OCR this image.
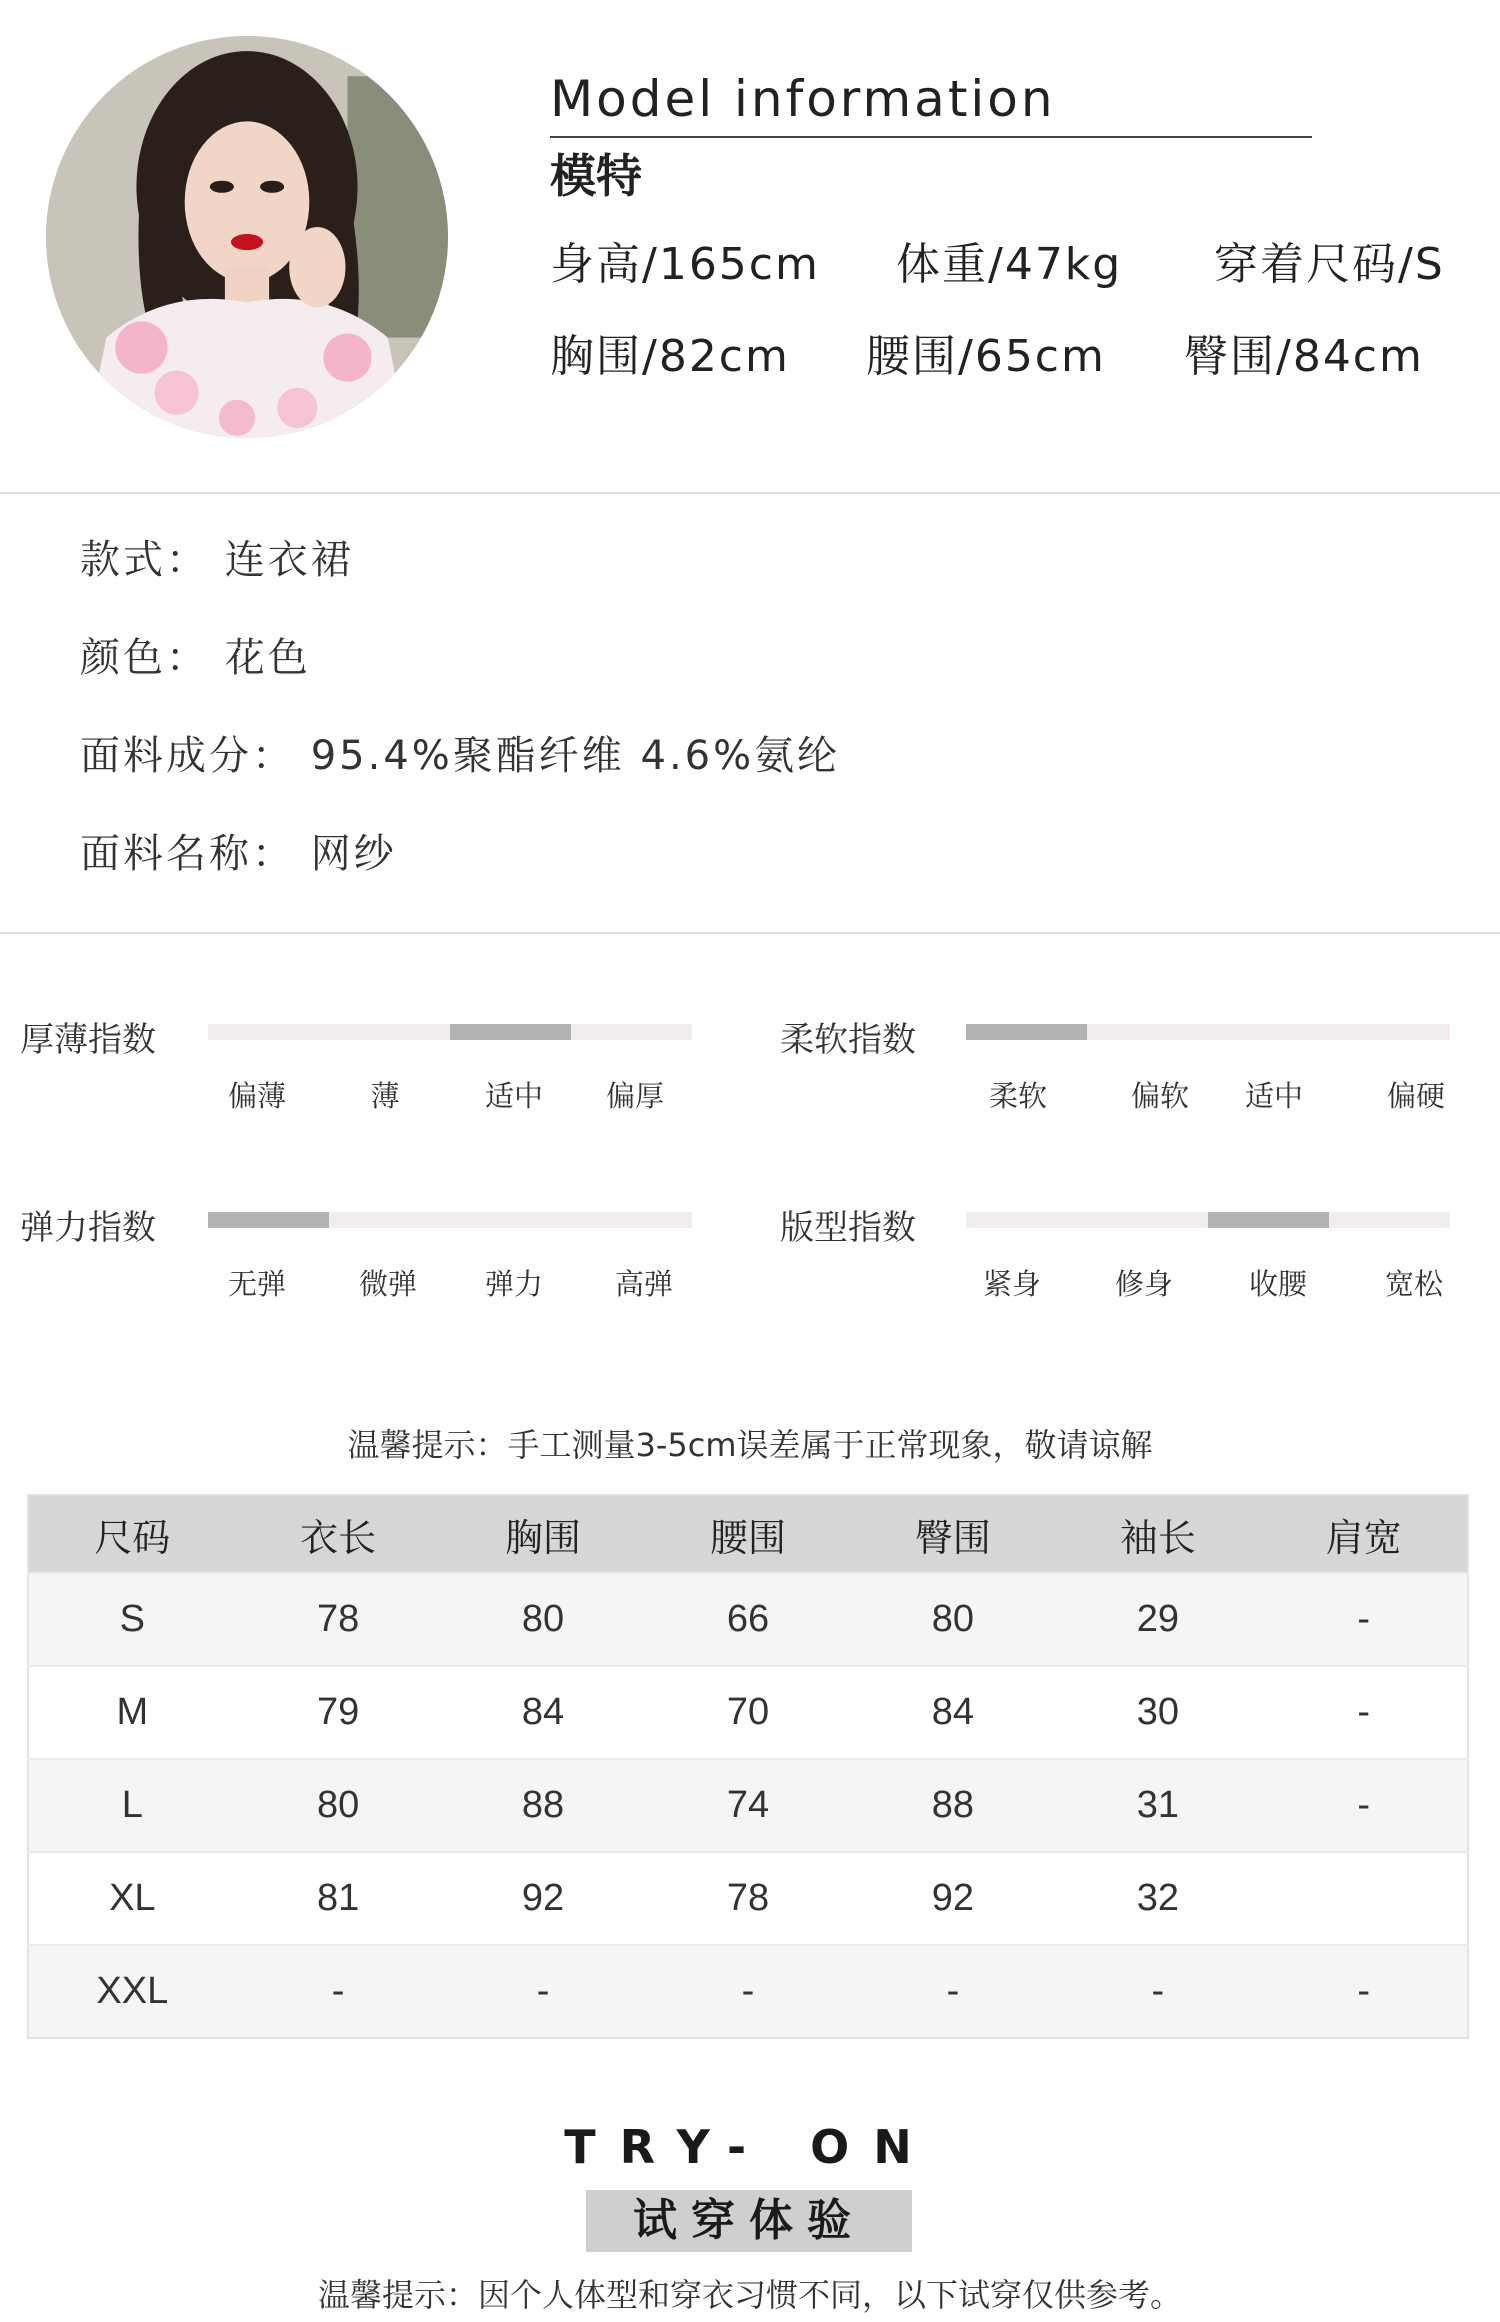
Model information
模特
身高/165cm 体重/47kg 穿着尺码/S
胸围/82cm 腰围/65cm 臀围/84cm
款式： 连衣裙
颜色： 花色
面料成分： 95.4%聚酯纤维 4.6%氨纶
面料名称： 网纱
厚薄指数
偏薄	薄	适中	偏厚
柔软指数
柔软	偏软	适中	偏硬
弹力指数
无弹	微弹	弹力	高弹
版型指数
紧身	修身	收腰	宽松
温馨提示：手工测量3-5cm误差属于正常现象，敬请谅解
尺码	衣长	胸围	腰围	臀围	袖长	肩宽
S	78	80	66	80	29	-
M	79	84	70	84	30	-
L	80	88	74	88	31	-
XL	81	92	78	92	32	
XXL	-	-	-	-	-	-
TRY- ON
试穿体验
温馨提示：因个人体型和穿衣习惯不同，以下试穿仅供参考。
